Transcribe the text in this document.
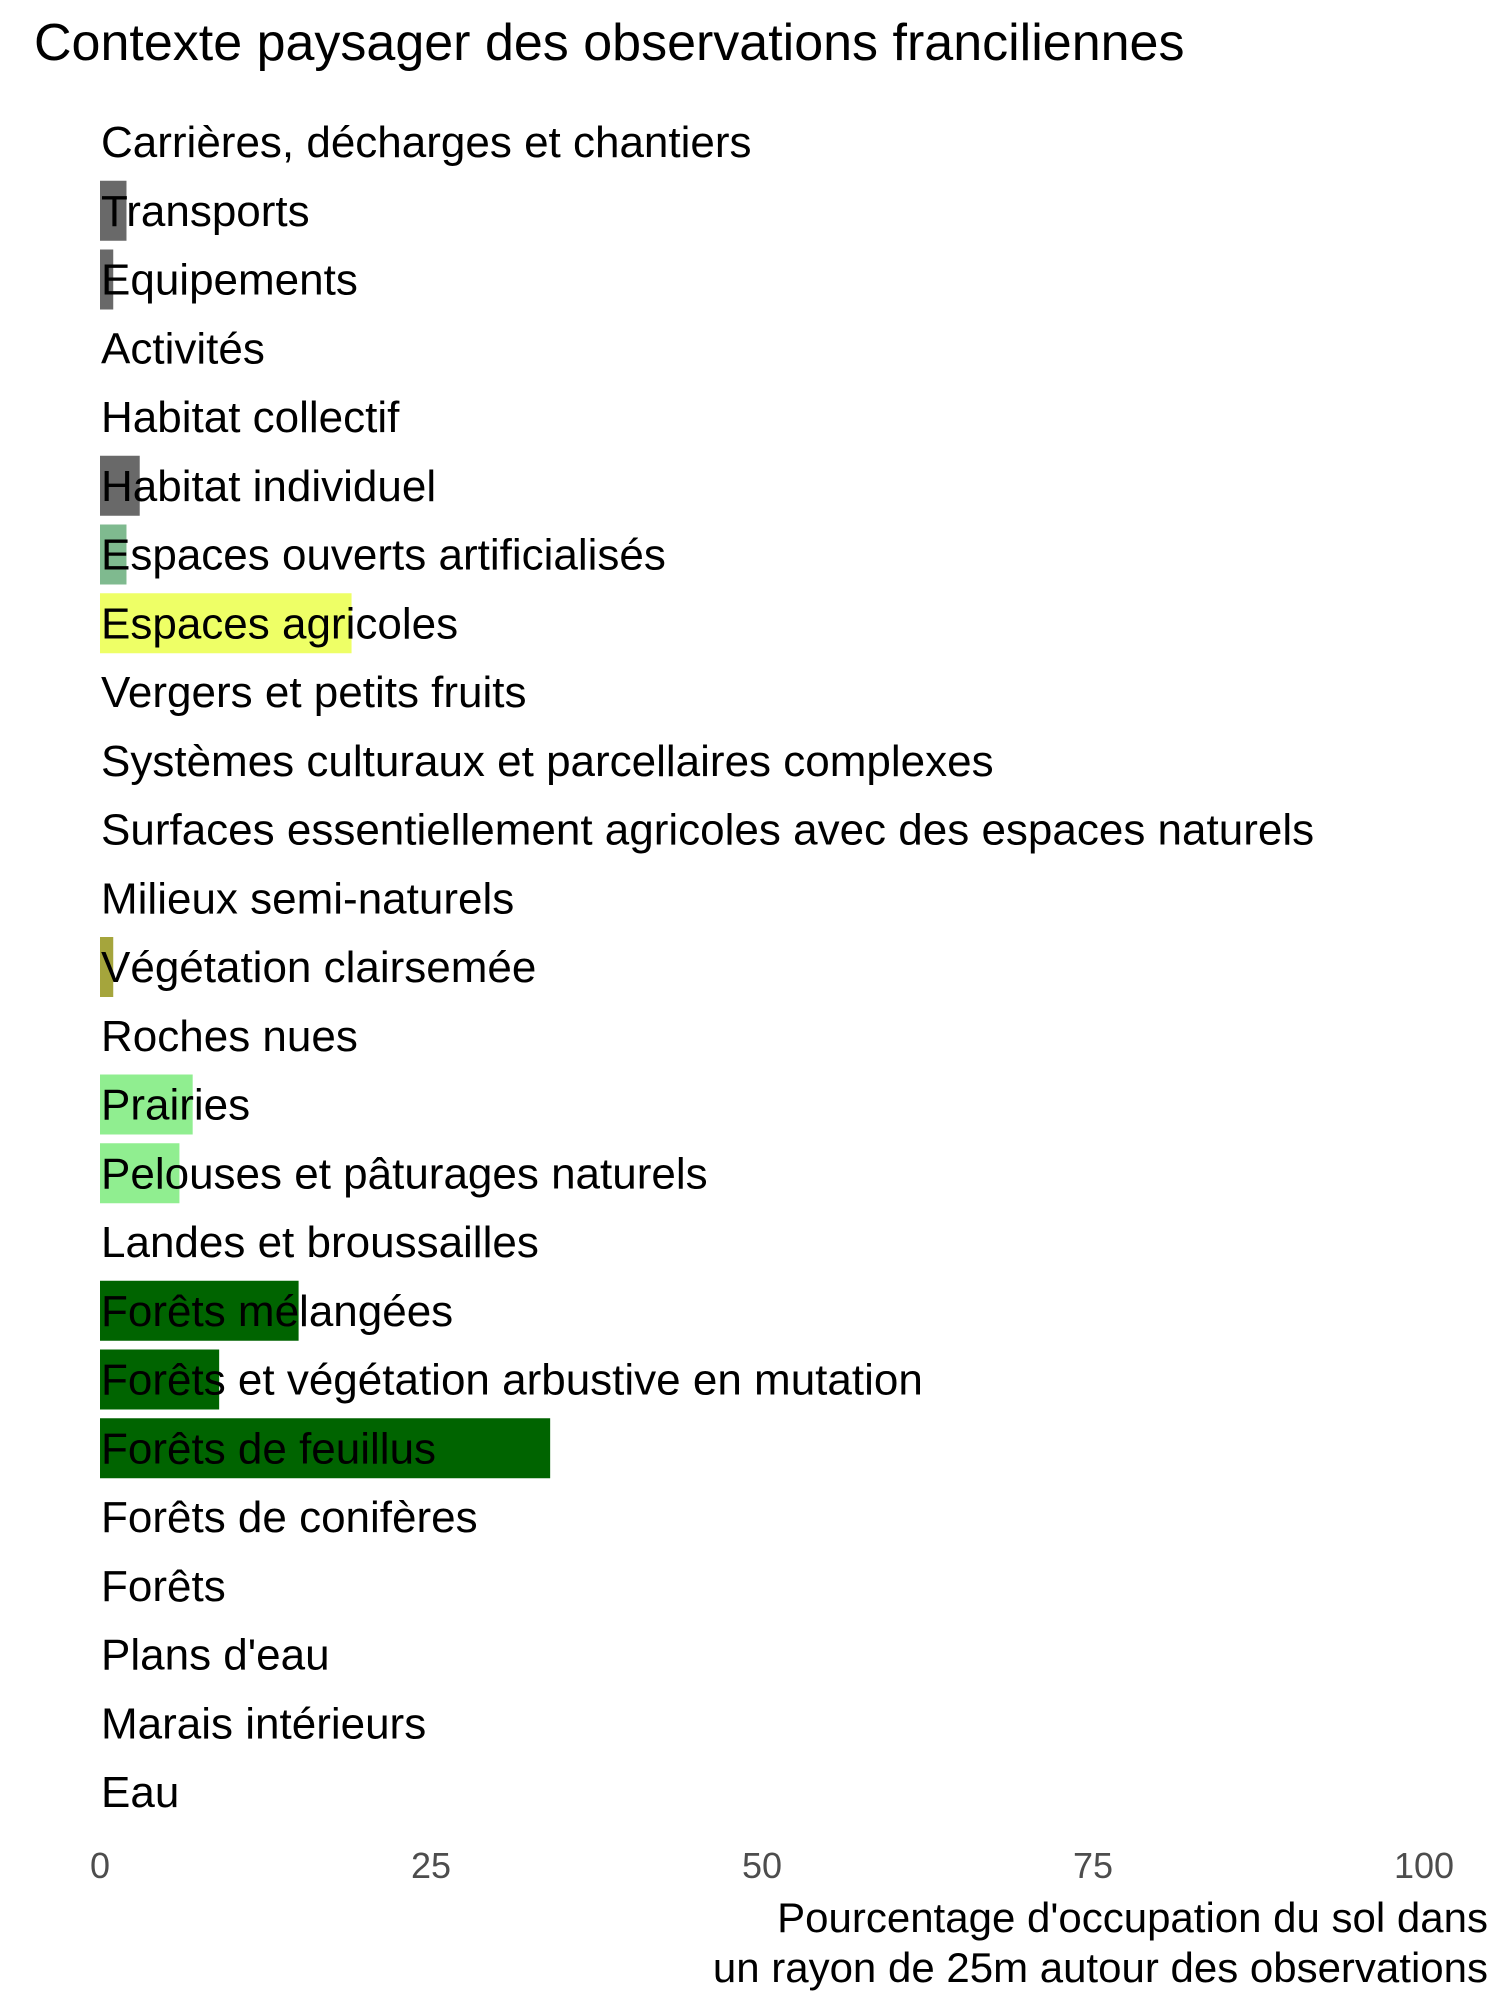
Carrières, décharges et chantiers
Transports
Equipements
Activités
Habitat collectif
Habitat individuel
Espaces ouverts artificialisés
Espaces agricoles
Vergers et petits fruits
Systèmes culturaux et parcellaires complexes
Surfaces essentiellement agricoles avec des espaces naturels
Milieux semi-naturels
Végétation clairsemée
Roches nues
Prairies
Pelouses et pâturages naturels
Landes et broussailles
Forêts mélangées
Forêts et végétation arbustive en mutation
Forêts de feuillus
Forêts de conifères
Forêts
Plans d'eau
Marais intérieurs
Eau
0	25	50	75	100
Contexte paysager des observations franciliennes
Pourcentage d'occupation du sol dans
un rayon de 25m autour des observations
